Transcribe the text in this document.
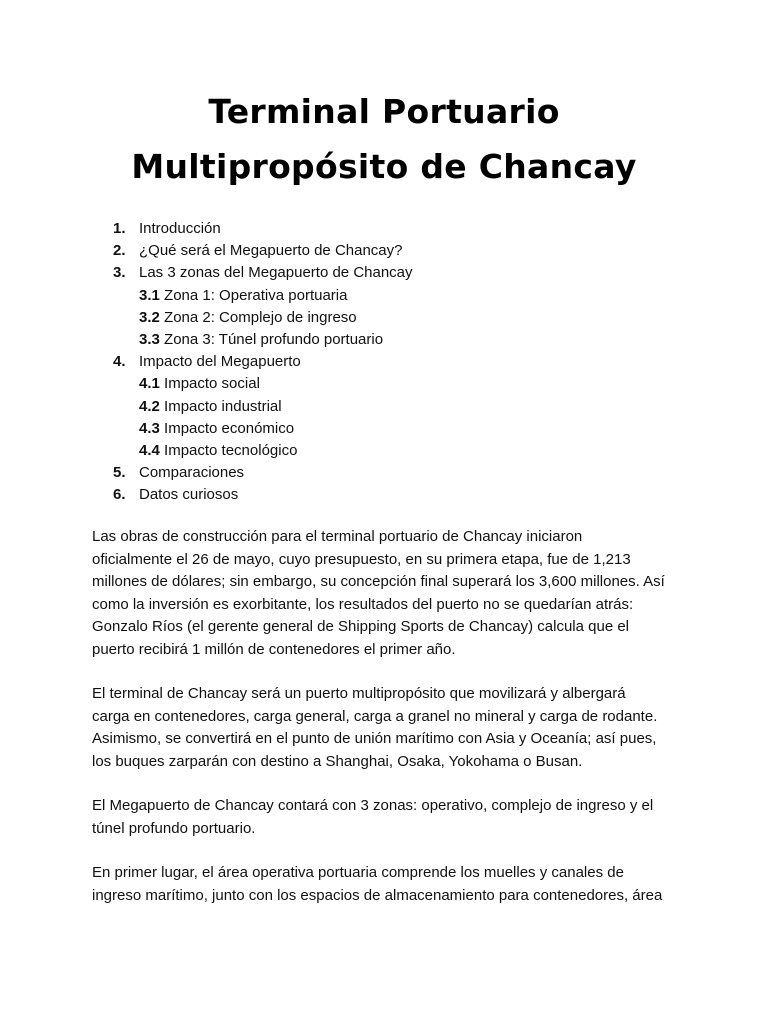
Terminal Portuario
Multipropósito de Chancay
1. Introducción
2. ¿Qué será el Megapuerto de Chancay?
3. Las 3 zonas del Megapuerto de Chancay
3.1 Zona 1: Operativa portuaria
3.2 Zona 2: Complejo de ingreso
3.3 Zona 3: Túnel profundo portuario
4. Impacto del Megapuerto
4.1 Impacto social
4.2 Impacto industrial
4.3 Impacto económico
4.4 Impacto tecnológico
5. Comparaciones
6. Datos curiosos

Las obras de construcción para el terminal portuario de Chancay iniciaron
oficialmente el 26 de mayo, cuyo presupuesto, en su primera etapa, fue de 1,213
millones de dólares; sin embargo, su concepción final superará los 3,600 millones. Así
como la inversión es exorbitante, los resultados del puerto no se quedarían atrás:
Gonzalo Ríos (el gerente general de Shipping Sports de Chancay) calcula que el
puerto recibirá 1 millón de contenedores el primer año.

El terminal de Chancay será un puerto multipropósito que movilizará y albergará
carga en contenedores, carga general, carga a granel no mineral y carga de rodante.
Asimismo, se convertirá en el punto de unión marítimo con Asia y Oceanía; así pues,
los buques zarparán con destino a Shanghai, Osaka, Yokohama o Busan.

El Megapuerto de Chancay contará con 3 zonas: operativo, complejo de ingreso y el
túnel profundo portuario.

En primer lugar, el área operativa portuaria comprende los muelles y canales de
ingreso marítimo, junto con los espacios de almacenamiento para contenedores, área
